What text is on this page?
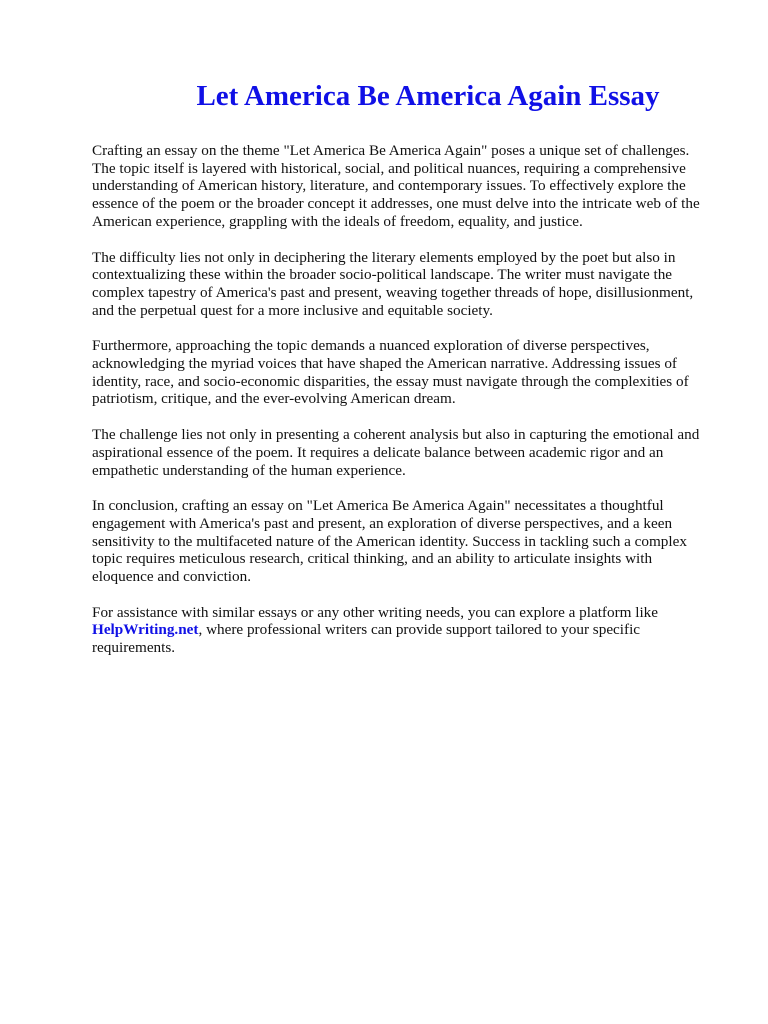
Let America Be America Again Essay

Crafting an essay on the theme "Let America Be America Again" poses a unique set of challenges. The topic itself is layered with historical, social, and political nuances, requiring a comprehensive understanding of American history, literature, and contemporary issues. To effectively explore the essence of the poem or the broader concept it addresses, one must delve into the intricate web of the American experience, grappling with the ideals of freedom, equality, and justice.

The difficulty lies not only in deciphering the literary elements employed by the poet but also in contextualizing these within the broader socio-political landscape. The writer must navigate the complex tapestry of America's past and present, weaving together threads of hope, disillusionment, and the perpetual quest for a more inclusive and equitable society.

Furthermore, approaching the topic demands a nuanced exploration of diverse perspectives, acknowledging the myriad voices that have shaped the American narrative. Addressing issues of identity, race, and socio-economic disparities, the essay must navigate through the complexities of patriotism, critique, and the ever-evolving American dream.

The challenge lies not only in presenting a coherent analysis but also in capturing the emotional and aspirational essence of the poem. It requires a delicate balance between academic rigor and an empathetic understanding of the human experience.

In conclusion, crafting an essay on "Let America Be America Again" necessitates a thoughtful engagement with America's past and present, an exploration of diverse perspectives, and a keen sensitivity to the multifaceted nature of the American identity. Success in tackling such a complex topic requires meticulous research, critical thinking, and an ability to articulate insights with eloquence and conviction.

For assistance with similar essays or any other writing needs, you can explore a platform like HelpWriting.net, where professional writers can provide support tailored to your specific requirements.
